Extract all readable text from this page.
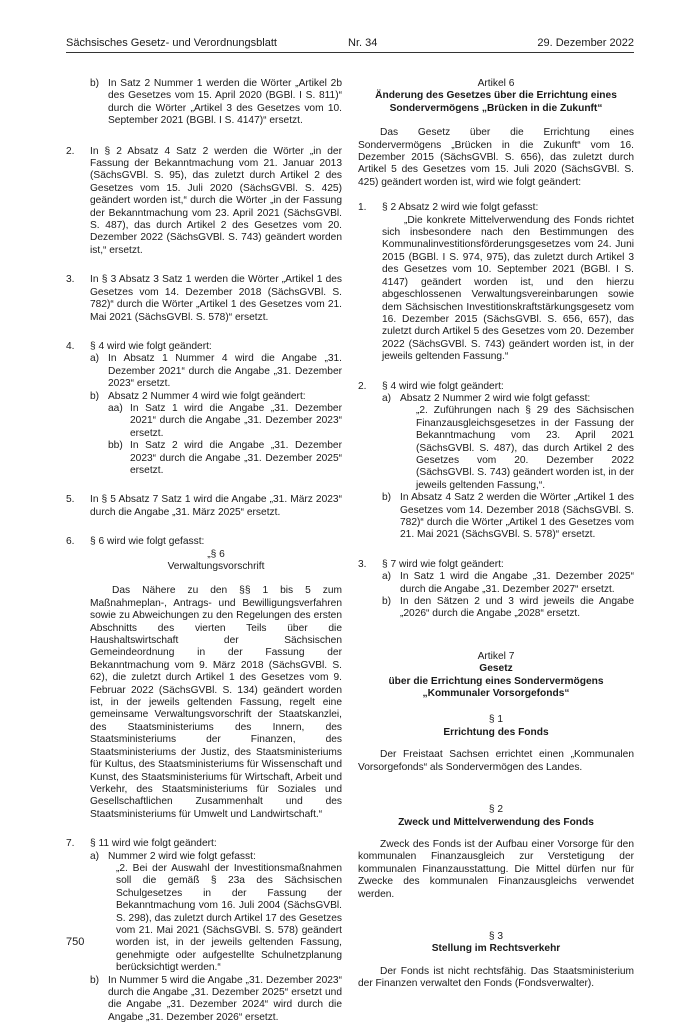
Sächsisches Gesetz- und Verordnungsblatt	Nr. 34	29. Dezember 2022
b) In Satz 2 Nummer 1 werden die Wörter „Artikel 2b des Gesetzes vom 15. April 2020 (BGBl. I S. 811)“ durch die Wörter „Artikel 3 des Gesetzes vom 10. September 2021 (BGBl. I S. 4147)“ ersetzt.
2.	In § 2 Absatz 4 Satz 2 werden die Wörter „in der Fassung der Bekanntmachung vom 21. Januar 2013 (SächsGVBl. S. 95), das zuletzt durch Artikel 2 des Gesetzes vom 15. Juli 2020 (SächsGVBl. S. 425) geändert worden ist,“ durch die Wörter „in der Fassung der Bekanntmachung vom 23. April 2021 (SächsGVBl. S. 487), das durch Artikel 2 des Gesetzes vom 20. Dezember 2022 (SächsGVBl. S. 743) geändert worden ist,“ ersetzt.
3.	In § 3 Absatz 3 Satz 1 werden die Wörter „Artikel 1 des Gesetzes vom 14. Dezember 2018 (SächsGVBl. S. 782)“ durch die Wörter „Artikel 1 des Gesetzes vom 21. Mai 2021 (SächsGVBl. S. 578)“ ersetzt.
4.	§ 4 wird wie folgt geändert:
a) In Absatz 1 Nummer 4 wird die Angabe „31. Dezember 2021“ durch die Angabe „31. Dezember 2023“ ersetzt.
b) Absatz 2 Nummer 4 wird wie folgt geändert:
aa) In Satz 1 wird die Angabe „31. Dezember 2021“ durch die Angabe „31. Dezember 2023“ ersetzt.
bb) In Satz 2 wird die Angabe „31. Dezember 2023“ durch die Angabe „31. Dezember 2025“ ersetzt.
5.	In § 5 Absatz 7 Satz 1 wird die Angabe „31. März 2023“ durch die Angabe „31. März 2025“ ersetzt.
6.	§ 6 wird wie folgt gefasst:

„§ 6

Verwaltungsvorschrift

Das Nähere zu den §§ 1 bis 5 zum Maßnahmeplan-, Antrags- und Bewilligungsverfahren sowie zu Abweichungen zu den Regelungen des ersten Abschnitts des vierten Teils über die Haushaltswirtschaft der Sächsischen Gemeindeordnung in der Fassung der Bekanntmachung vom 9. März 2018 (SächsGVBl. S. 62), die zuletzt durch Artikel 1 des Gesetzes vom 9. Februar 2022 (SächsGVBl. S. 134) geändert worden ist, in der jeweils geltenden Fassung, regelt eine gemeinsame Verwaltungsvorschrift der Staatskanzlei, des Staatsministeriums des Innern, des Staatsministeriums der Finanzen, des Staatsministeriums der Justiz, des Staatsministeriums für Kultus, des Staatsministeriums für Wissenschaft und Kunst, des Staatsministeriums für Wirtschaft, Arbeit und Verkehr, des Staatsministeriums für Soziales und Gesellschaftlichen Zusammenhalt und des Staatsministeriums für Umwelt und Landwirtschaft.“

7.	§ 11 wird wie folgt geändert:
a) Nummer 2 wird wie folgt gefasst:

„2. Bei der Auswahl der Investitionsmaßnahmen soll die gemäß § 23a des Sächsischen Schulgesetzes in der Fassung der Bekanntmachung vom 16. Juli 2004 (SächsGVBl. S. 298), das zuletzt durch Artikel 17 des Gesetzes vom 21. Mai 2021 (SächsGVBl. S. 578) geändert worden ist, in der jeweils geltenden Fassung, genehmigte oder aufgestellte Schulnetzplanung berücksichtigt werden.“

b) In Nummer 5 wird die Angabe „31. Dezember 2023“ durch die Angabe „31. Dezember 2025“ ersetzt und die Angabe „31. Dezember 2024“ wird durch die Angabe „31. Dezember 2026“ ersetzt.

Artikel 6

Änderung des Gesetzes über die Errichtung eines Sondervermögens „Brücken in die Zukunft“

Das Gesetz über die Errichtung eines Sondervermögens „Brücken in die Zukunft“ vom 16. Dezember 2015 (SächsGVBl. S. 656), das zuletzt durch Artikel 5 des Gesetzes vom 15. Juli 2020 (SächsGVBl. S. 425) geändert worden ist, wird wie folgt geändert:

1.	§ 2 Absatz 2 wird wie folgt gefasst:

„Die konkrete Mittelverwendung des Fonds richtet sich insbesondere nach den Bestimmungen des Kommunalinvestitionsförderungsgesetzes vom 24. Juni 2015 (BGBl. I S. 974, 975), das zuletzt durch Artikel 3 des Gesetzes vom 10. September 2021 (BGBl. I S. 4147) geändert worden ist, und den hierzu abgeschlossenen Verwaltungsvereinbarungen sowie dem Sächsischen Investitionskraftstärkungsgesetz vom 16. Dezember 2015 (SächsGVBl. S. 656, 657), das zuletzt durch Artikel 5 des Gesetzes vom 20. Dezember 2022 (SächsGVBl. S. 743) geändert worden ist, in der jeweils geltenden Fassung.“

2.	§ 4 wird wie folgt geändert:
a) Absatz 2 Nummer 2 wird wie folgt gefasst:

„2. Zuführungen nach § 29 des Sächsischen Finanzausgleichsgesetzes in der Fassung der Bekanntmachung vom 23. April 2021 (SächsGVBl. S. 487), das durch Artikel 2 des Gesetzes vom 20. Dezember 2022 (SächsGVBl. S. 743) geändert worden ist, in der jeweils geltenden Fassung,“.

b) In Absatz 4 Satz 2 werden die Wörter „Artikel 1 des Gesetzes vom 14. Dezember 2018 (SächsGVBl. S. 782)“ durch die Wörter „Artikel 1 des Gesetzes vom 21. Mai 2021 (SächsGVBl. S. 578)“ ersetzt.
3.	§ 7 wird wie folgt geändert:
a) In Satz 1 wird die Angabe „31. Dezember 2025“ durch die Angabe „31. Dezember 2027“ ersetzt.
b) In den Sätzen 2 und 3 wird jeweils die Angabe „2026“ durch die Angabe „2028“ ersetzt.

Artikel 7

Gesetz

über die Errichtung eines Sondervermögens „Kommunaler Vorsorgefonds“

§ 1

Errichtung des Fonds

Der Freistaat Sachsen errichtet einen „Kommunalen Vorsorgefonds“ als Sondervermögen des Landes.

§ 2

Zweck und Mittelverwendung des Fonds

Zweck des Fonds ist der Aufbau einer Vorsorge für den kommunalen Finanzausgleich zur Verstetigung der kommunalen Finanzausstattung. Die Mittel dürfen nur für Zwecke des kommunalen Finanzausgleichs verwendet werden.

§ 3

Stellung im Rechtsverkehr

Der Fonds ist nicht rechtsfähig. Das Staatsministerium der Finanzen verwaltet den Fonds (Fondsverwalter).

750
